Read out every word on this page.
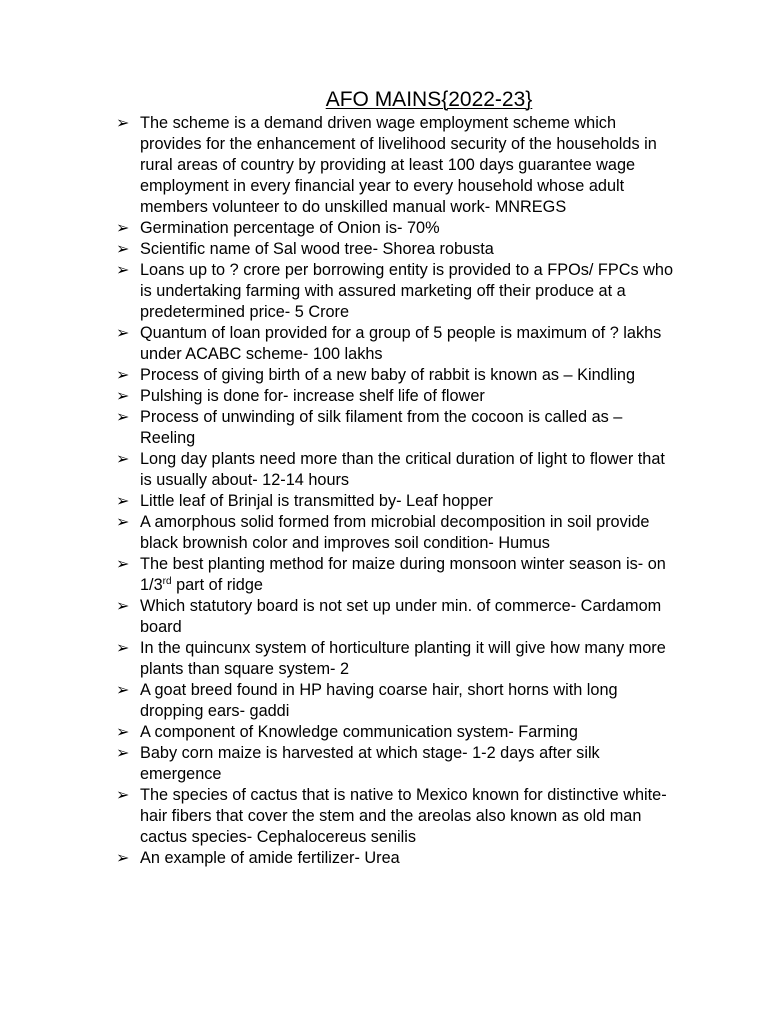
AFO MAINS{2022-23}
➢ The scheme is a demand driven wage employment scheme which provides for the enhancement of livelihood security of the households in rural areas of country by providing at least 100 days guarantee wage employment in every financial year to every household whose adult members volunteer to do unskilled manual work- MNREGS
➢ Germination percentage of Onion is- 70%
➢ Scientific name of Sal wood tree- Shorea robusta
➢ Loans up to ? crore per borrowing entity is provided to a FPOs/ FPCs who is undertaking farming with assured marketing off their produce at a predetermined price- 5 Crore
➢ Quantum of loan provided for a group of 5 people is maximum of ? lakhs under ACABC scheme- 100 lakhs
➢ Process of giving birth of a new baby of rabbit is known as – Kindling
➢ Pulshing is done for- increase shelf life of flower
➢ Process of unwinding of silk filament from the cocoon is called as – Reeling
➢ Long day plants need more than the critical duration of light to flower that is usually about- 12-14 hours
➢ Little leaf of Brinjal is transmitted by- Leaf hopper
➢ A amorphous solid formed from microbial decomposition in soil provide black brownish color and improves soil condition- Humus
➢ The best planting method for maize during monsoon winter season is- on 1/3rd part of ridge
➢ Which statutory board is not set up under min. of commerce- Cardamom board
➢ In the quincunx system of horticulture planting it will give how many more plants than square system- 2
➢ A goat breed found in HP having coarse hair, short horns with long dropping ears- gaddi
➢ A component of Knowledge communication system- Farming
➢ Baby corn maize is harvested at which stage- 1-2 days after silk emergence
➢ The species of cactus that is native to Mexico known for distinctive white- hair fibers that cover the stem and the areolas also known as old man cactus species- Cephalocereus senilis
➢ An example of amide fertilizer- Urea
